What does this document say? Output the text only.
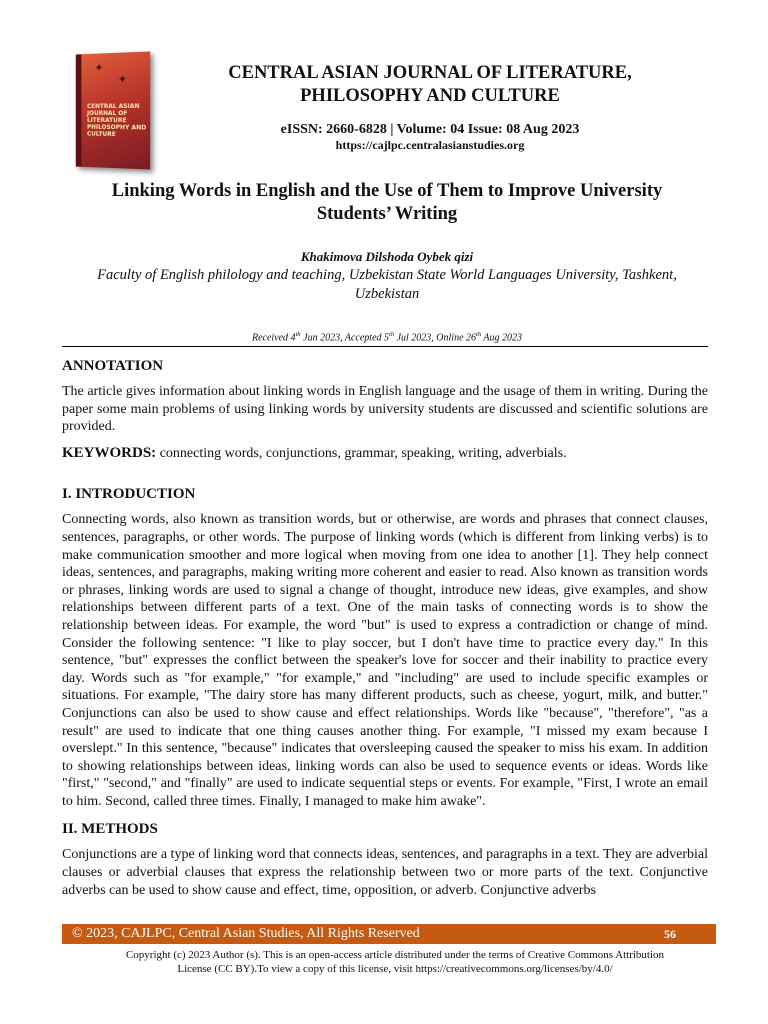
✦
✦
CENTRAL ASIAN JOURNAL OF LITERATURE PHILOSOPHY AND CULTURE
CENTRAL ASIAN JOURNAL OF LITERATURE,
PHILOSOPHY AND CULTURE
eISSN: 2660-6828 | Volume: 04 Issue: 08 Aug 2023
https://cajlpc.centralasianstudies.org
Linking Words in English and the Use of Them to Improve University
Students’ Writing
Khakimova Dilshoda Oybek qizi
Faculty of English philology and teaching, Uzbekistan State World Languages University, Tashkent,
Uzbekistan
Received 4th Jun 2023, Accepted 5th Jul 2023, Online 26th Aug 2023
ANNOTATION

The article gives information about linking words in English language and the usage of them in writing. During the paper some main problems of using linking words by university students are discussed and scientific solutions are provided.

KEYWORDS: connecting words, conjunctions, grammar, speaking, writing, adverbials.

I. INTRODUCTION

Connecting words, also known as transition words, but or otherwise, are words and phrases that connect clauses, sentences, paragraphs, or other words. The purpose of linking words (which is different from linking verbs) is to make communication smoother and more logical when moving from one idea to another [1]. They help connect ideas, sentences, and paragraphs, making writing more coherent and easier to read. Also known as transition words or phrases, linking words are used to signal a change of thought, introduce new ideas, give examples, and show relationships between different parts of a text. One of the main tasks of connecting words is to show the relationship between ideas. For example, the word "but" is used to express a contradiction or change of mind. Consider the following sentence: "I like to play soccer, but I don't have time to practice every day." In this sentence, "but" expresses the conflict between the speaker's love for soccer and their inability to practice every day. Words such as "for example," "for example," and "including" are used to include specific examples or situations. For example, "The dairy store has many different products, such as cheese, yogurt, milk, and butter." Conjunctions can also be used to show cause and effect relationships. Words like "because", "therefore", "as a result" are used to indicate that one thing causes another thing. For example, "I missed my exam because I overslept." In this sentence, "because" indicates that oversleeping caused the speaker to miss his exam. In addition to showing relationships between ideas, linking words can also be used to sequence events or ideas. Words like "first," "second," and "finally" are used to indicate sequential steps or events. For example, "First, I wrote an email to him. Second, called three times. Finally, I managed to make him awake".

II. METHODS

Conjunctions are a type of linking word that connects ideas, sentences, and paragraphs in a text. They are adverbial clauses or adverbial clauses that express the relationship between two or more parts of the text. Conjunctive adverbs can be used to show cause and effect, time, opposition, or adverb. Conjunctive adverbs

© 2023, CAJLPC, Central Asian Studies, All Rights Reserved	56
Copyright (c) 2023 Author (s). This is an open-access article distributed under the terms of Creative Commons Attribution
License (CC BY).To view a copy of this license, visit https://creativecommons.org/licenses/by/4.0/
